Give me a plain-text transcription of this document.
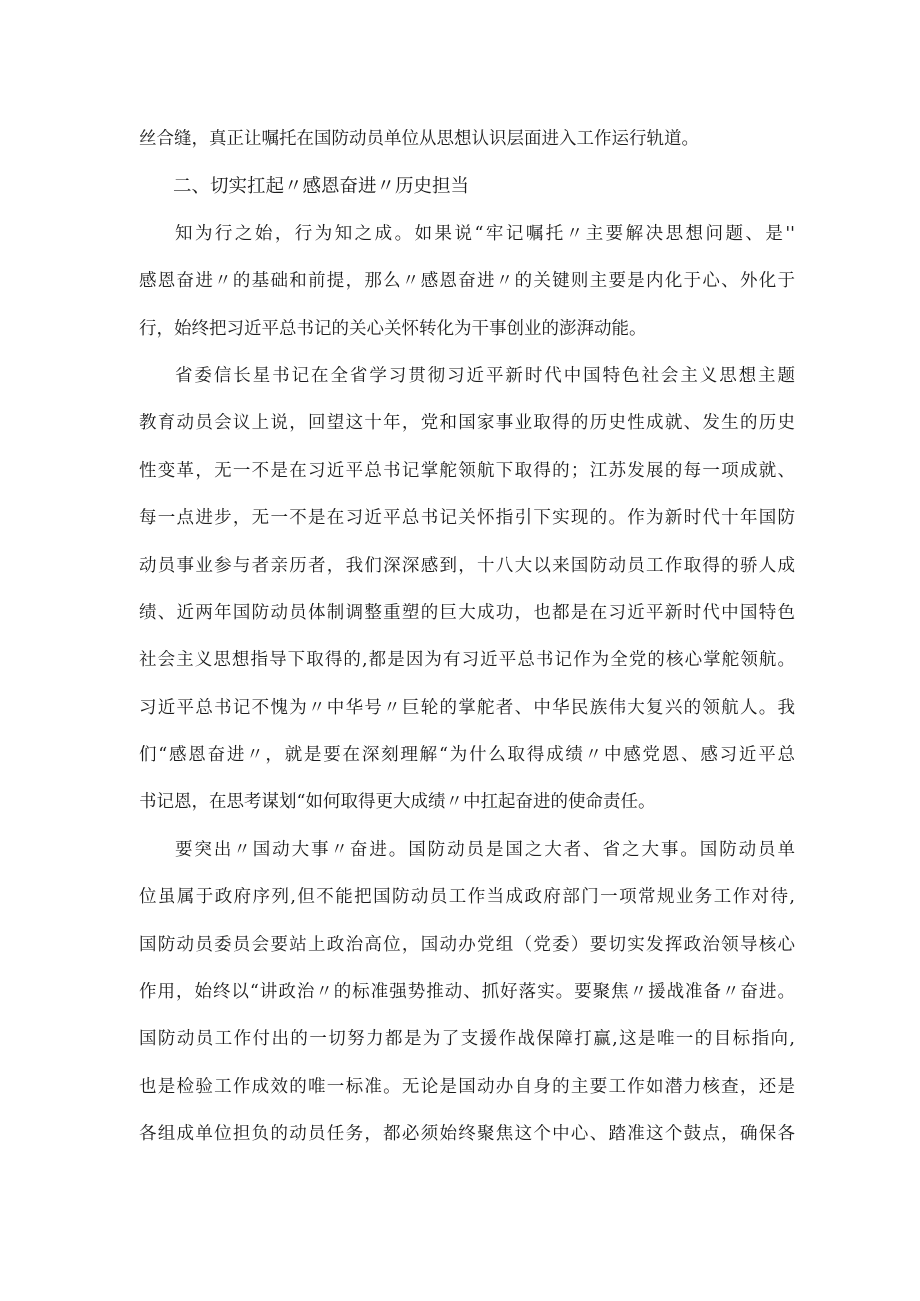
丝合缝，真正让嘱托在国防动员单位从思想认识层面进入工作运行轨道。
二、切实扛起〃感恩奋进〃历史担当
知为行之始，行为知之成。如果说“牢记嘱托〃主要解决思想问题、是''
感恩奋进〃的基础和前提，那么〃感恩奋进〃的关键则主要是内化于心、外化于
行，始终把习近平总书记的关心关怀转化为干事创业的澎湃动能。
省委信长星书记在全省学习贯彻习近平新时代中国特色社会主义思想主题
教育动员会议上说，回望这十年，党和国家事业取得的历史性成就、发生的历史
性变革，无一不是在习近平总书记掌舵领航下取得的；江苏发展的每一项成就、
每一点进步，无一不是在习近平总书记关怀指引下实现的。作为新时代十年国防
动员事业参与者亲历者，我们深深感到，十八大以来国防动员工作取得的骄人成
绩、近两年国防动员体制调整重塑的巨大成功，也都是在习近平新时代中国特色
社会主义思想指导下取得的,都是因为有习近平总书记作为全党的核心掌舵领航。
习近平总书记不愧为〃中华号〃巨轮的掌舵者、中华民族伟大复兴的领航人。我
们“感恩奋进〃，就是要在深刻理解“为什么取得成绩〃中感党恩、感习近平总
书记恩，在思考谋划“如何取得更大成绩〃中扛起奋进的使命责任。
要突出〃国动大事〃奋进。国防动员是国之大者、省之大事。国防动员单
位虽属于政府序列,但不能把国防动员工作当成政府部门一项常规业务工作对待,
国防动员委员会要站上政治高位，国动办党组（党委）要切实发挥政治领导核心
作用，始终以“讲政治〃的标准强势推动、抓好落实。要聚焦〃援战准备〃奋进。
国防动员工作付出的一切努力都是为了支援作战保障打赢,这是唯一的目标指向,
也是检验工作成效的唯一标准。无论是国动办自身的主要工作如潜力核查，还是
各组成单位担负的动员任务，都必须始终聚焦这个中心、踏准这个鼓点，确保各
